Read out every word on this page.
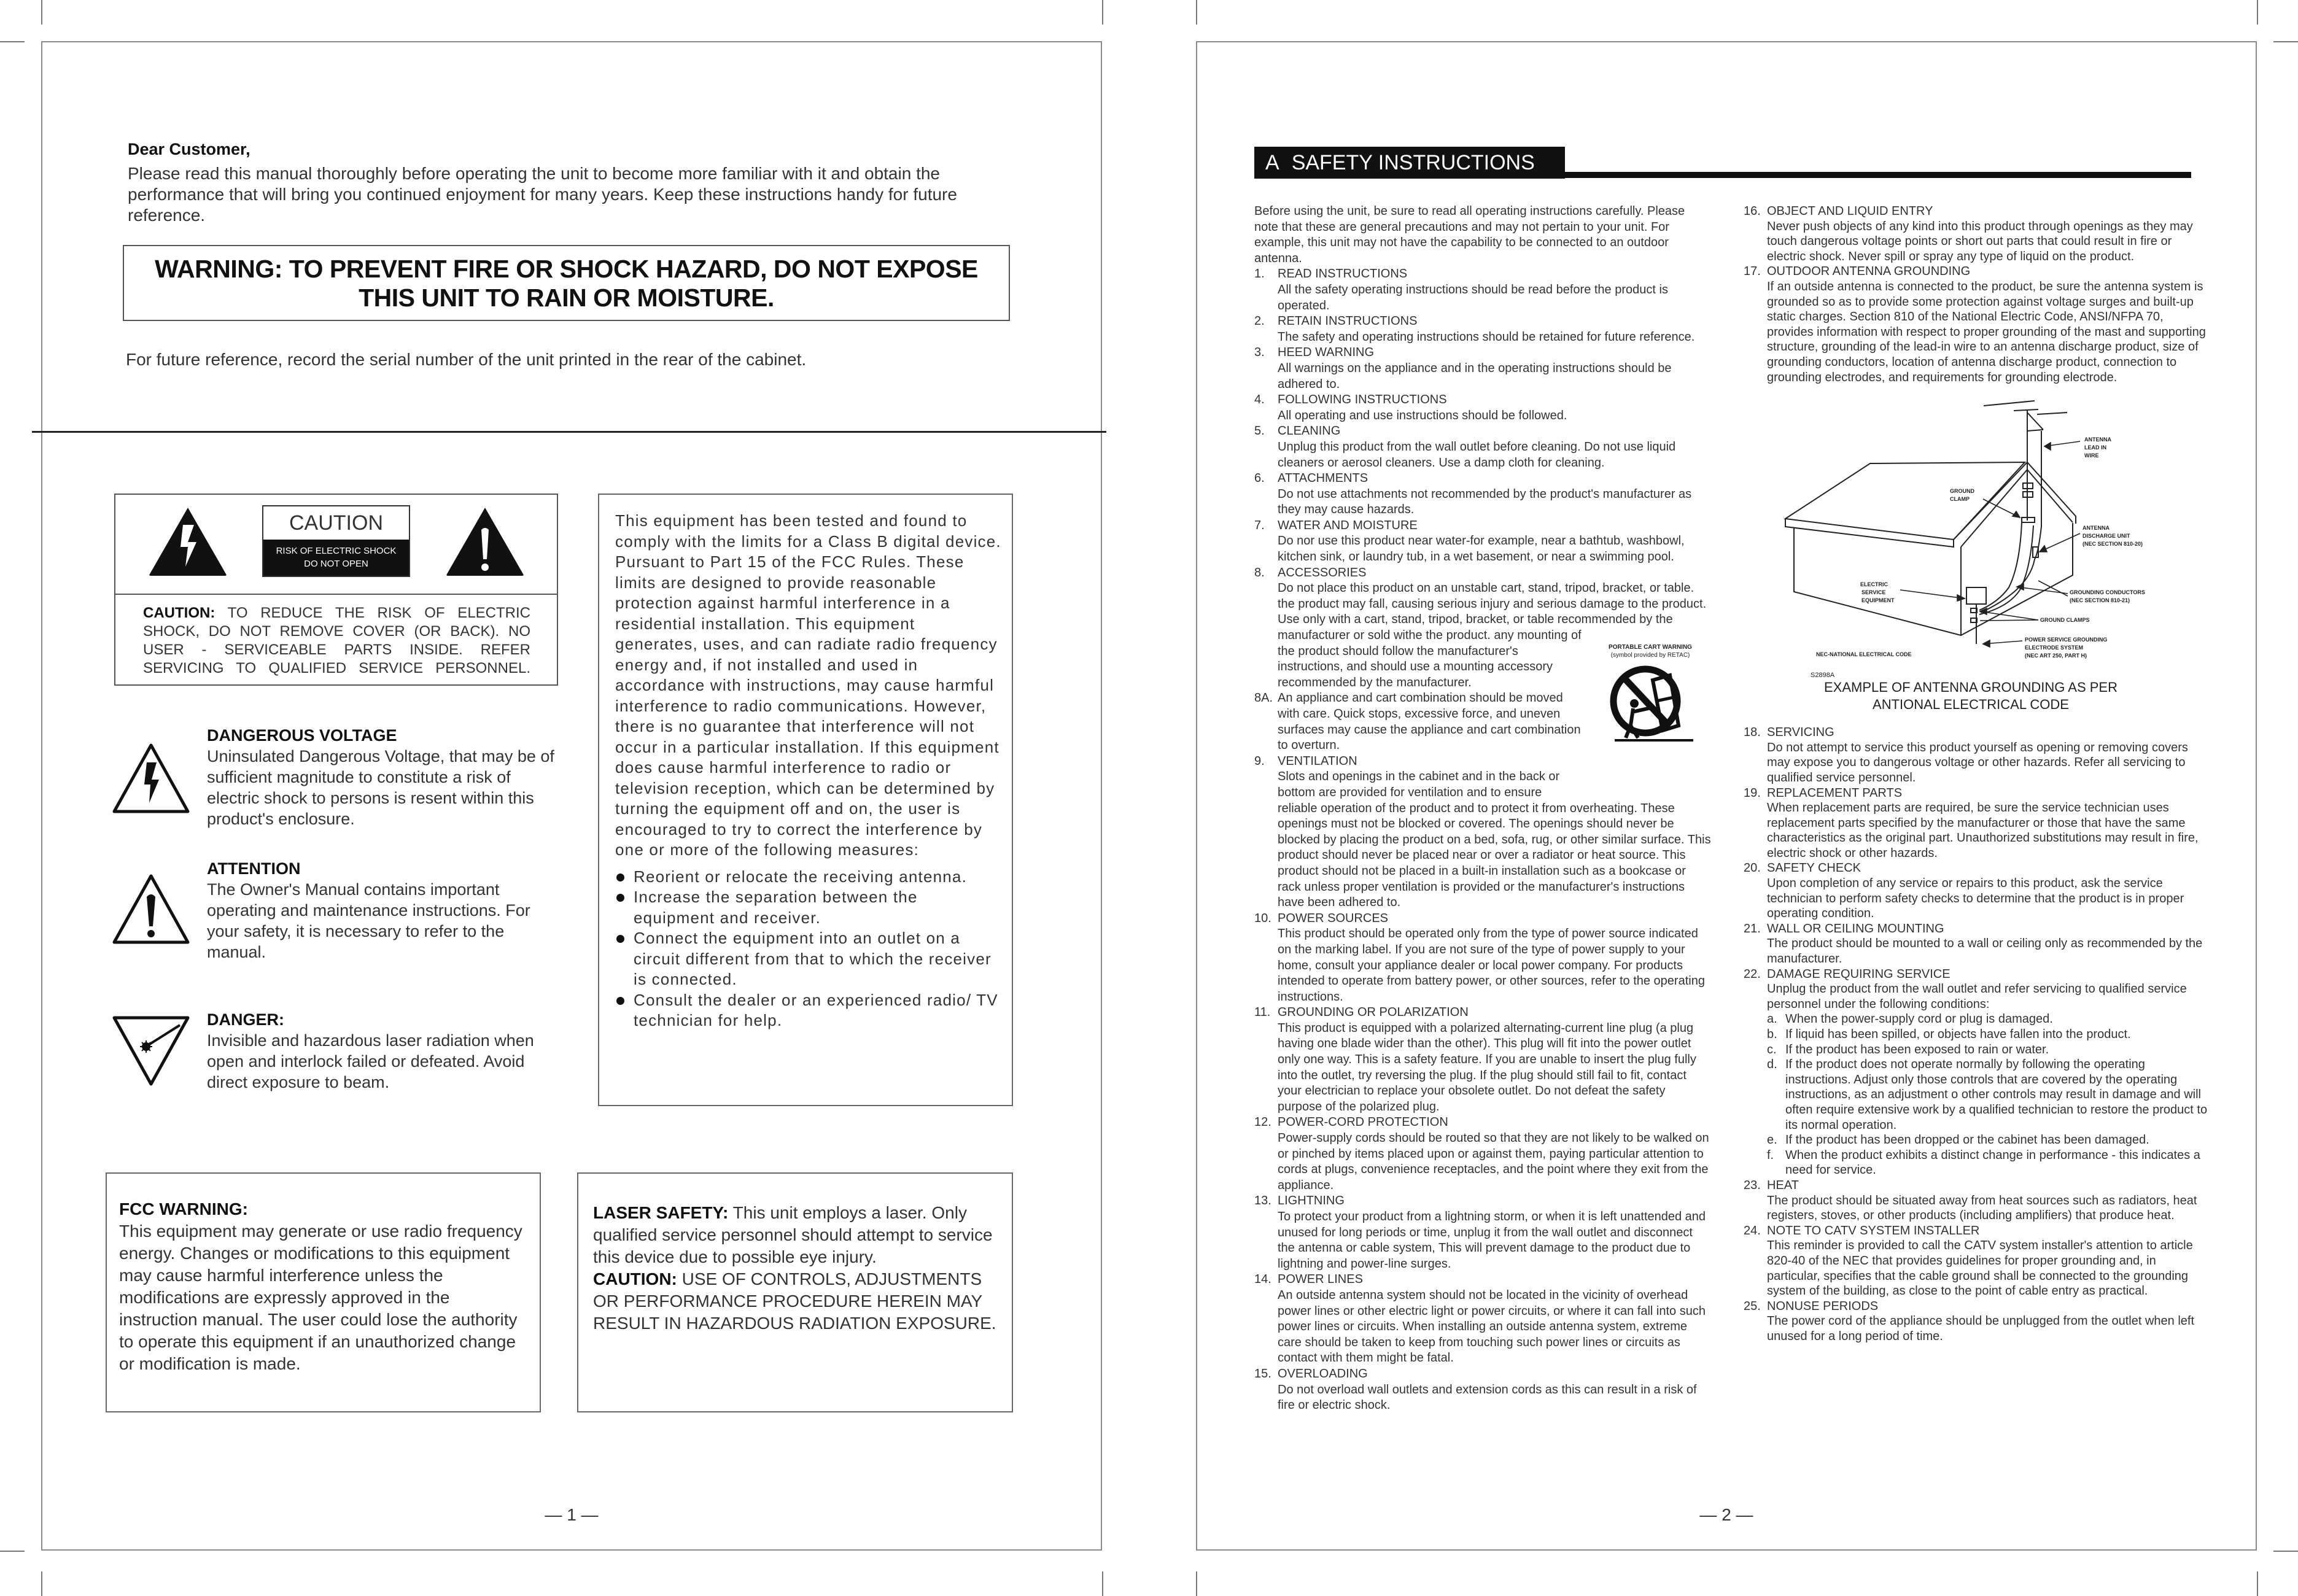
Dear Customer,
Please read this manual thoroughly before operating the unit to become more familiar with it and obtain the performance that will bring you continued enjoyment for many years. Keep these instructions handy for future reference.
WARNING: TO PREVENT FIRE OR SHOCK HAZARD, DO NOT EXPOSE
THIS UNIT TO RAIN OR MOISTURE.
For future reference, record the serial number of the unit printed in the rear of the cabinet.
CAUTION
RISK OF ELECTRIC SHOCK
DO NOT OPEN
CAUTION: TO REDUCE THE RISK OF ELECTRIC SHOCK, DO NOT REMOVE COVER (OR BACK). NO USER - SERVICEABLE PARTS INSIDE. REFER SERVICING TO QUALIFIED SERVICE PERSONNEL.
This equipment has been tested and found to comply with the limits for a Class B digital device. Pursuant to Part 15 of the FCC Rules. These limits are designed to provide reasonable protection against harmful interference in a residential installation. This equipment generates, uses, and can radiate radio frequency energy and, if not installed and used in accordance with instructions, may cause harmful interference to radio communications. However, there is no guarantee that interference will not occur in a particular installation. If this equipment does cause harmful interference to radio or television reception, which can be determined by turning the equipment off and on, the user is encouraged to try to correct the interference by one or more of the following measures:
Reorient or relocate the receiving antenna.
Increase the separation between the equipment and receiver.
Connect the equipment into an outlet on a circuit different from that to which the receiver is connected.
Consult the dealer or an experienced radio/ TV technician for help.
DANGEROUS VOLTAGE
Uninsulated Dangerous Voltage, that may be of sufficient magnitude to constitute a risk of electric shock to persons is resent within this product's enclosure.
ATTENTION
The Owner's Manual contains important operating and maintenance instructions. For your safety, it is necessary to refer to the manual.
DANGER:
Invisible and hazardous laser radiation when open and interlock failed or defeated. Avoid direct exposure to beam.
FCC WARNING:
This equipment may generate or use radio frequency energy. Changes or modifications to this equipment may cause harmful interference unless the modifications are expressly approved in the instruction manual. The user could lose the authority to operate this equipment if an unauthorized change or modification is made.
LASER SAFETY: This unit employs a laser. Only qualified service personnel should attempt to service this device due to possible eye injury.
CAUTION: USE OF CONTROLS, ADJUSTMENTS OR PERFORMANCE PROCEDURE HEREIN MAY RESULT IN HAZARDOUS RADIATION EXPOSURE.
— 1 —
A SAFETY INSTRUCTIONS
Before using the unit, be sure to read all operating instructions carefully. Please note that these are general precautions and may not pertain to your unit. For example, this unit may not have the capability to be connected to an outdoor antenna.
1. READ INSTRUCTIONS
All the safety operating instructions should be read before the product is operated.
2. RETAIN INSTRUCTIONS
The safety and operating instructions should be retained for future reference.
3. HEED WARNING
All warnings on the appliance and in the operating instructions should be adhered to.
4. FOLLOWING INSTRUCTIONS
All operating and use instructions should be followed.
5. CLEANING
Unplug this product from the wall outlet before cleaning. Do not use liquid cleaners or aerosol cleaners. Use a damp cloth for cleaning.
6. ATTACHMENTS
Do not use attachments not recommended by the product's manufacturer as they may cause hazards.
7. WATER AND MOISTURE
Do nor use this product near water-for example, near a bathtub, washbowl, kitchen sink, or laundry tub, in a wet basement, or near a swimming pool.
8. ACCESSORIES
PORTABLE CART WARNING
(symbol provided by RETAC)
Do not place this product on an unstable cart, stand, tripod, bracket, or table. the product may fall, causing serious injury and serious damage to the product. Use only with a cart, stand, tripod, bracket, or table recommended by the manufacturer or sold withe the product. any mounting of the product should follow the manufacturer's instructions, and should use a mounting accessory recommended by the manufacturer.
8A. An appliance and cart combination should be moved with care. Quick stops, excessive force, and uneven surfaces may cause the appliance and cart combination to overturn.
9. VENTILATION
Slots and openings in the cabinet and in the back or bottom are provided for ventilation and to ensure reliable operation of the product and to protect it from overheating. These openings must not be blocked or covered. The openings should never be blocked by placing the product on a bed, sofa, rug, or other similar surface. This product should never be placed near or over a radiator or heat source. This product should not be placed in a built-in installation such as a bookcase or rack unless proper ventilation is provided or the manufacturer's instructions have been adhered to.
10. POWER SOURCES
This product should be operated only from the type of power source indicated on the marking label. If you are not sure of the type of power supply to your home, consult your appliance dealer or local power company. For products intended to operate from battery power, or other sources, refer to the operating instructions.
11. GROUNDING OR POLARIZATION
This product is equipped with a polarized alternating-current line plug (a plug having one blade wider than the other). This plug will fit into the power outlet only one way. This is a safety feature. If you are unable to insert the plug fully into the outlet, try reversing the plug. If the plug should still fail to fit, contact your electrician to replace your obsolete outlet. Do not defeat the safety purpose of the polarized plug.
12. POWER-CORD PROTECTION
Power-supply cords should be routed so that they are not likely to be walked on or pinched by items placed upon or against them, paying particular attention to cords at plugs, convenience receptacles, and the point where they exit from the appliance.
13. LIGHTNING
To protect your product from a lightning storm, or when it is left unattended and unused for long periods or time, unplug it from the wall outlet and disconnect the antenna or cable system, This will prevent damage to the product due to lightning and power-line surges.
14. POWER LINES
An outside antenna system should not be located in the vicinity of overhead power lines or other electric light or power circuits, or where it can fall into such power lines or circuits. When installing an outside antenna system, extreme care should be taken to keep from touching such power lines or circuits as contact with them might be fatal.
15. OVERLOADING
Do not overload wall outlets and extension cords as this can result in a risk of fire or electric shock.
16. OBJECT AND LIQUID ENTRY
Never push objects of any kind into this product through openings as they may touch dangerous voltage points or short out parts that could result in fire or electric shock. Never spill or spray any type of liquid on the product.
17. OUTDOOR ANTENNA GROUNDING
If an outside antenna is connected to the product, be sure the antenna system is grounded so as to provide some protection against voltage surges and built-up static charges. Section 810 of the National Electric Code, ANSI/NFPA 70, provides information with respect to proper grounding of the mast and supporting structure, grounding of the lead-in wire to an antenna discharge product, size of grounding conductors, location of antenna discharge product, connection to grounding electrodes, and requirements for grounding electrode.
ANTENNA LEAD IN WIRE
GROUND CLAMP
ANTENNA DISCHARGE UNIT (NEC SECTION 810-20)
ELECTRIC SERVICE EQUIPMENT
GROUNDING CONDUCTORS (NEC SECTION 810-21)
GROUND CLAMPS
POWER SERVICE GROUNDING ELECTRODE SYSTEM (NEC ART 250, PART H)
NEC-NATIONAL ELECTRICAL CODE
S2898A
EXAMPLE OF ANTENNA GROUNDING AS PER
ANTIONAL ELECTRICAL CODE
18. SERVICING
Do not attempt to service this product yourself as opening or removing covers may expose you to dangerous voltage or other hazards. Refer all servicing to qualified service personnel.
19. REPLACEMENT PARTS
When replacement parts are required, be sure the service technician uses replacement parts specified by the manufacturer or those that have the same characteristics as the original part. Unauthorized substitutions may result in fire, electric shock or other hazards.
20. SAFETY CHECK
Upon completion of any service or repairs to this product, ask the service technician to perform safety checks to determine that the product is in proper operating condition.
21. WALL OR CEILING MOUNTING
The product should be mounted to a wall or ceiling only as recommended by the manufacturer.
22. DAMAGE REQUIRING SERVICE
Unplug the product from the wall outlet and refer servicing to qualified service personnel under the following conditions:
a. When the power-supply cord or plug is damaged.
b. If liquid has been spilled, or objects have fallen into the product.
c. If the product has been exposed to rain or water.
d. If the product does not operate normally by following the operating instructions. Adjust only those controls that are covered by the operating instructions, as an adjustment o other controls may result in damage and will often require extensive work by a qualified technician to restore the product to its normal operation.
e. If the product has been dropped or the cabinet has been damaged.
f. When the product exhibits a distinct change in performance - this indicates a need for service.
23. HEAT
The product should be situated away from heat sources such as radiators, heat registers, stoves, or other products (including amplifiers) that produce heat.
24. NOTE TO CATV SYSTEM INSTALLER
This reminder is provided to call the CATV system installer's attention to article 820-40 of the NEC that provides guidelines for proper grounding and, in particular, specifies that the cable ground shall be connected to the grounding system of the building, as close to the point of cable entry as practical.
25. NONUSE PERIODS
The power cord of the appliance should be unplugged from the outlet when left unused for a long period of time.
— 2 —
